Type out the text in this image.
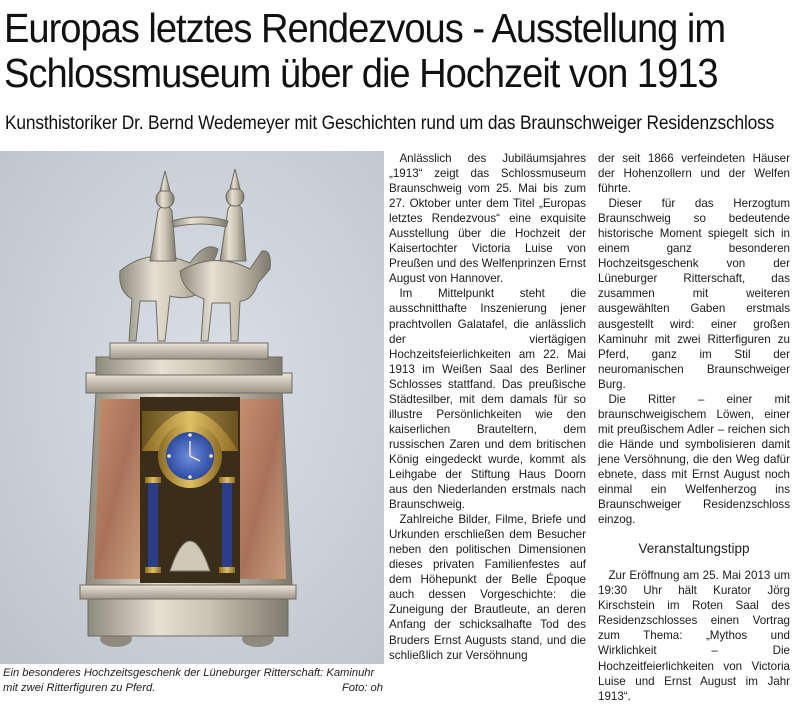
Europas letztes Rendezvous - Ausstellung im Schlossmuseum über die Hochzeit von 1913
Kunsthistoriker Dr. Bernd Wedemeyer mit Geschichten rund um das Braunschweiger Residenzschloss
Ein besonderes Hochzeitsgeschenk der Lüneburger Ritterschaft: Kaminuhr mit zwei Ritterfiguren zu Pferd.	Foto: oh

Anlässlich des Jubiläumsjahres „1913“ zeigt das Schlossmuseum Braunschweig vom 25. Mai bis zum 27. Oktober unter dem Titel „Europas letztes Rendezvous“ eine exquisite Ausstellung über die Hochzeit der Kaisertochter Victoria Luise von Preußen und des Welfenprinzen Ernst August von Hannover.

Im Mittelpunkt steht die ausschnitthafte Inszenierung jener prachtvollen Galatafel, die anlässlich der viertägigen Hochzeitsfeierlichkeiten am 22. Mai 1913 im Weißen Saal des Berliner Schlosses stattfand. Das preußische Städtesilber, mit dem damals für so illustre Persönlichkeiten wie den kaiserlichen Brauteltern, dem russischen Zaren und dem britischen König eingedeckt wurde, kommt als Leihgabe der Stiftung Haus Doorn aus den Niederlanden erstmals nach Braunschweig.

Zahlreiche Bilder, Filme, Briefe und Urkunden erschließen dem Besucher neben den politischen Dimensionen dieses privaten Familienfestes auf dem Höhepunkt der Belle Époque auch dessen Vorgeschichte: die Zuneigung der Brautleute, an deren Anfang der schicksalhafte Tod des Bruders Ernst Augusts stand, und die schließlich zur Versöhnung

der seit 1866 verfeindeten Häuser der Hohenzollern und der Welfen führte.

Dieser für das Herzogtum Braunschweig so bedeutende historische Moment spiegelt sich in einem ganz besonderen Hochzeitsgeschenk von der Lüneburger Ritterschaft, das zusammen mit weiteren ausgewählten Gaben erstmals ausgestellt wird: einer großen Kaminuhr mit zwei Ritterfiguren zu Pferd, ganz im Stil der neuromanischen Braunschweiger Burg.

Die Ritter – einer mit braunschweigischem Löwen, einer mit preußischem Adler – reichen sich die Hände und symbolisieren damit jene Versöhnung, die den Weg dafür ebnete, dass mit Ernst August noch einmal ein Welfenherzog ins Braunschweiger Residenzschloss einzog.

Veranstaltungstipp

Zur Eröffnung am 25. Mai 2013 um 19:30 Uhr hält Kurator Jörg Kirschstein im Roten Saal des Residenzschlosses einen Vortrag zum Thema: „Mythos und Wirklichkeit – Die Hochzeitfeierlichkeiten von Victoria Luise und Ernst August im Jahr 1913“.
